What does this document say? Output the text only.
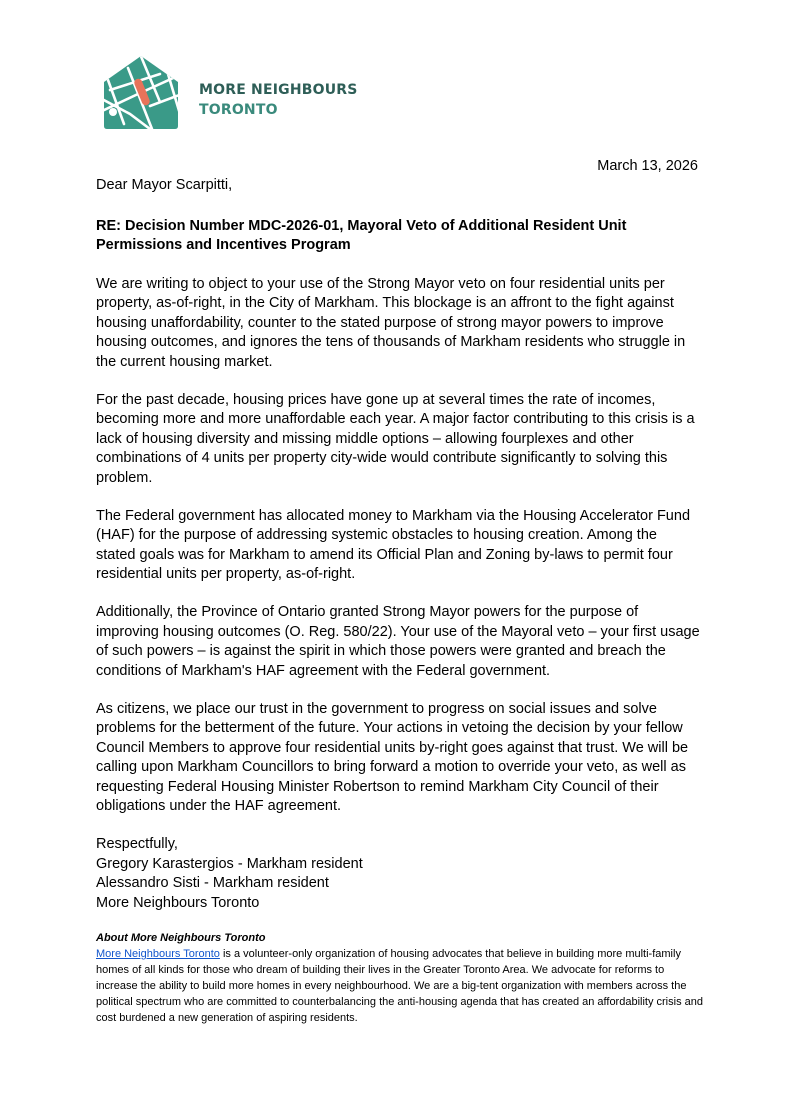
MORE NEIGHBOURS
TORONTO
March 13, 2026

Dear Mayor Scarpitti,

RE: Decision Number MDC-2026-01, Mayoral Veto of Additional Resident Unit Permissions and Incentives Program

We are writing to object to your use of the Strong Mayor veto on four residential units per property, as-of-right, in the City of Markham. This blockage is an affront to the fight against housing unaffordability, counter to the stated purpose of strong mayor powers to improve housing outcomes, and ignores the tens of thousands of Markham residents who struggle in the current housing market.

For the past decade, housing prices have gone up at several times the rate of incomes, becoming more and more unaffordable each year. A major factor contributing to this crisis is a lack of housing diversity and missing middle options – allowing fourplexes and other combinations of 4 units per property city-wide would contribute significantly to solving this problem.

The Federal government has allocated money to Markham via the Housing Accelerator Fund (HAF) for the purpose of addressing systemic obstacles to housing creation. Among the stated goals was for Markham to amend its Official Plan and Zoning by-laws to permit four residential units per property, as-of-right.

Additionally, the Province of Ontario granted Strong Mayor powers for the purpose of improving housing outcomes (O. Reg. 580/22). Your use of the Mayoral veto – your first usage of such powers – is against the spirit in which those powers were granted and breach the conditions of Markham's HAF agreement with the Federal government.

As citizens, we place our trust in the government to progress on social issues and solve problems for the betterment of the future. Your actions in vetoing the decision by your fellow Council Members to approve four residential units by-right goes against that trust. We will be calling upon Markham Councillors to bring forward a motion to override your veto, as well as requesting Federal Housing Minister Robertson to remind Markham City Council of their obligations under the HAF agreement.

Respectfully,
Gregory Karastergios - Markham resident
Alessandro Sisti - Markham resident
More Neighbours Toronto
About More Neighbours Toronto
More Neighbours Toronto is a volunteer-only organization of housing advocates that believe in building more multi-family homes of all kinds for those who dream of building their lives in the Greater Toronto Area. We advocate for reforms to increase the ability to build more homes in every neighbourhood. We are a big-tent organization with members across the political spectrum who are committed to counterbalancing the anti-housing agenda that has created an affordability crisis and cost burdened a new generation of aspiring residents.
